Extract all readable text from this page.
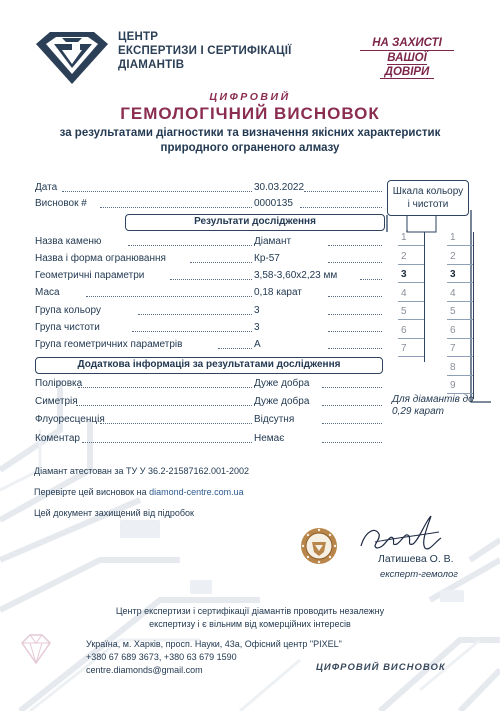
ЦЕНТР
ЕКСПЕРТИЗИ І СЕРТИФІКАЦІЇ
ДІАМАНТІВ
НА ЗАХИСТІ
ВАШОЇ
ДОВІРИ
ЦИФРОВИЙ
ГЕМОЛОГІЧНИЙ ВИСНОВОК
за результатами діагностики та визначення якісних характеристик
природного ограненого алмазу
Дата	30.03.2022
Висновок #	0000135
Результати дослідження
Назва каменю	Діамант
Назва і форма огранювання	Кр-57
Геометричні параметри	3,58-3,60х2,23 мм
Маса	0,18 карат
Група кольору	3
Група чистоти	3
Група геометричних параметрів	А
Додаткова інформація за результатами дослідження
Поліровка	Дуже добра
Симетрія	Дуже добра
Флуоресценція	Відсутня
Коментар	Немає
Шкала кольору
і чистоти
1
2
3
4
5
6
7
1
2
3
4
5
6
7
8
9
Для діамантів до
0,29 карат
Діамант атестован за ТУ У 36.2-21587162.001-2002
Перевірте цей висновок на diamond-centre.com.ua
Цей документ захищений від підробок
Латишева О. В.
експерт-гемолог
Центр експертизи і сертифікації діамантів проводить незалежну
експертизу і є вільним від комерційних інтересів
Україна, м. Харків, просп. Науки, 43а, Офісний центр "PIXEL"
+380 67 689 3673, +380 63 679 1590
centre.diamonds@gmail.com	ЦИФРОВИЙ ВИСНОВОК
